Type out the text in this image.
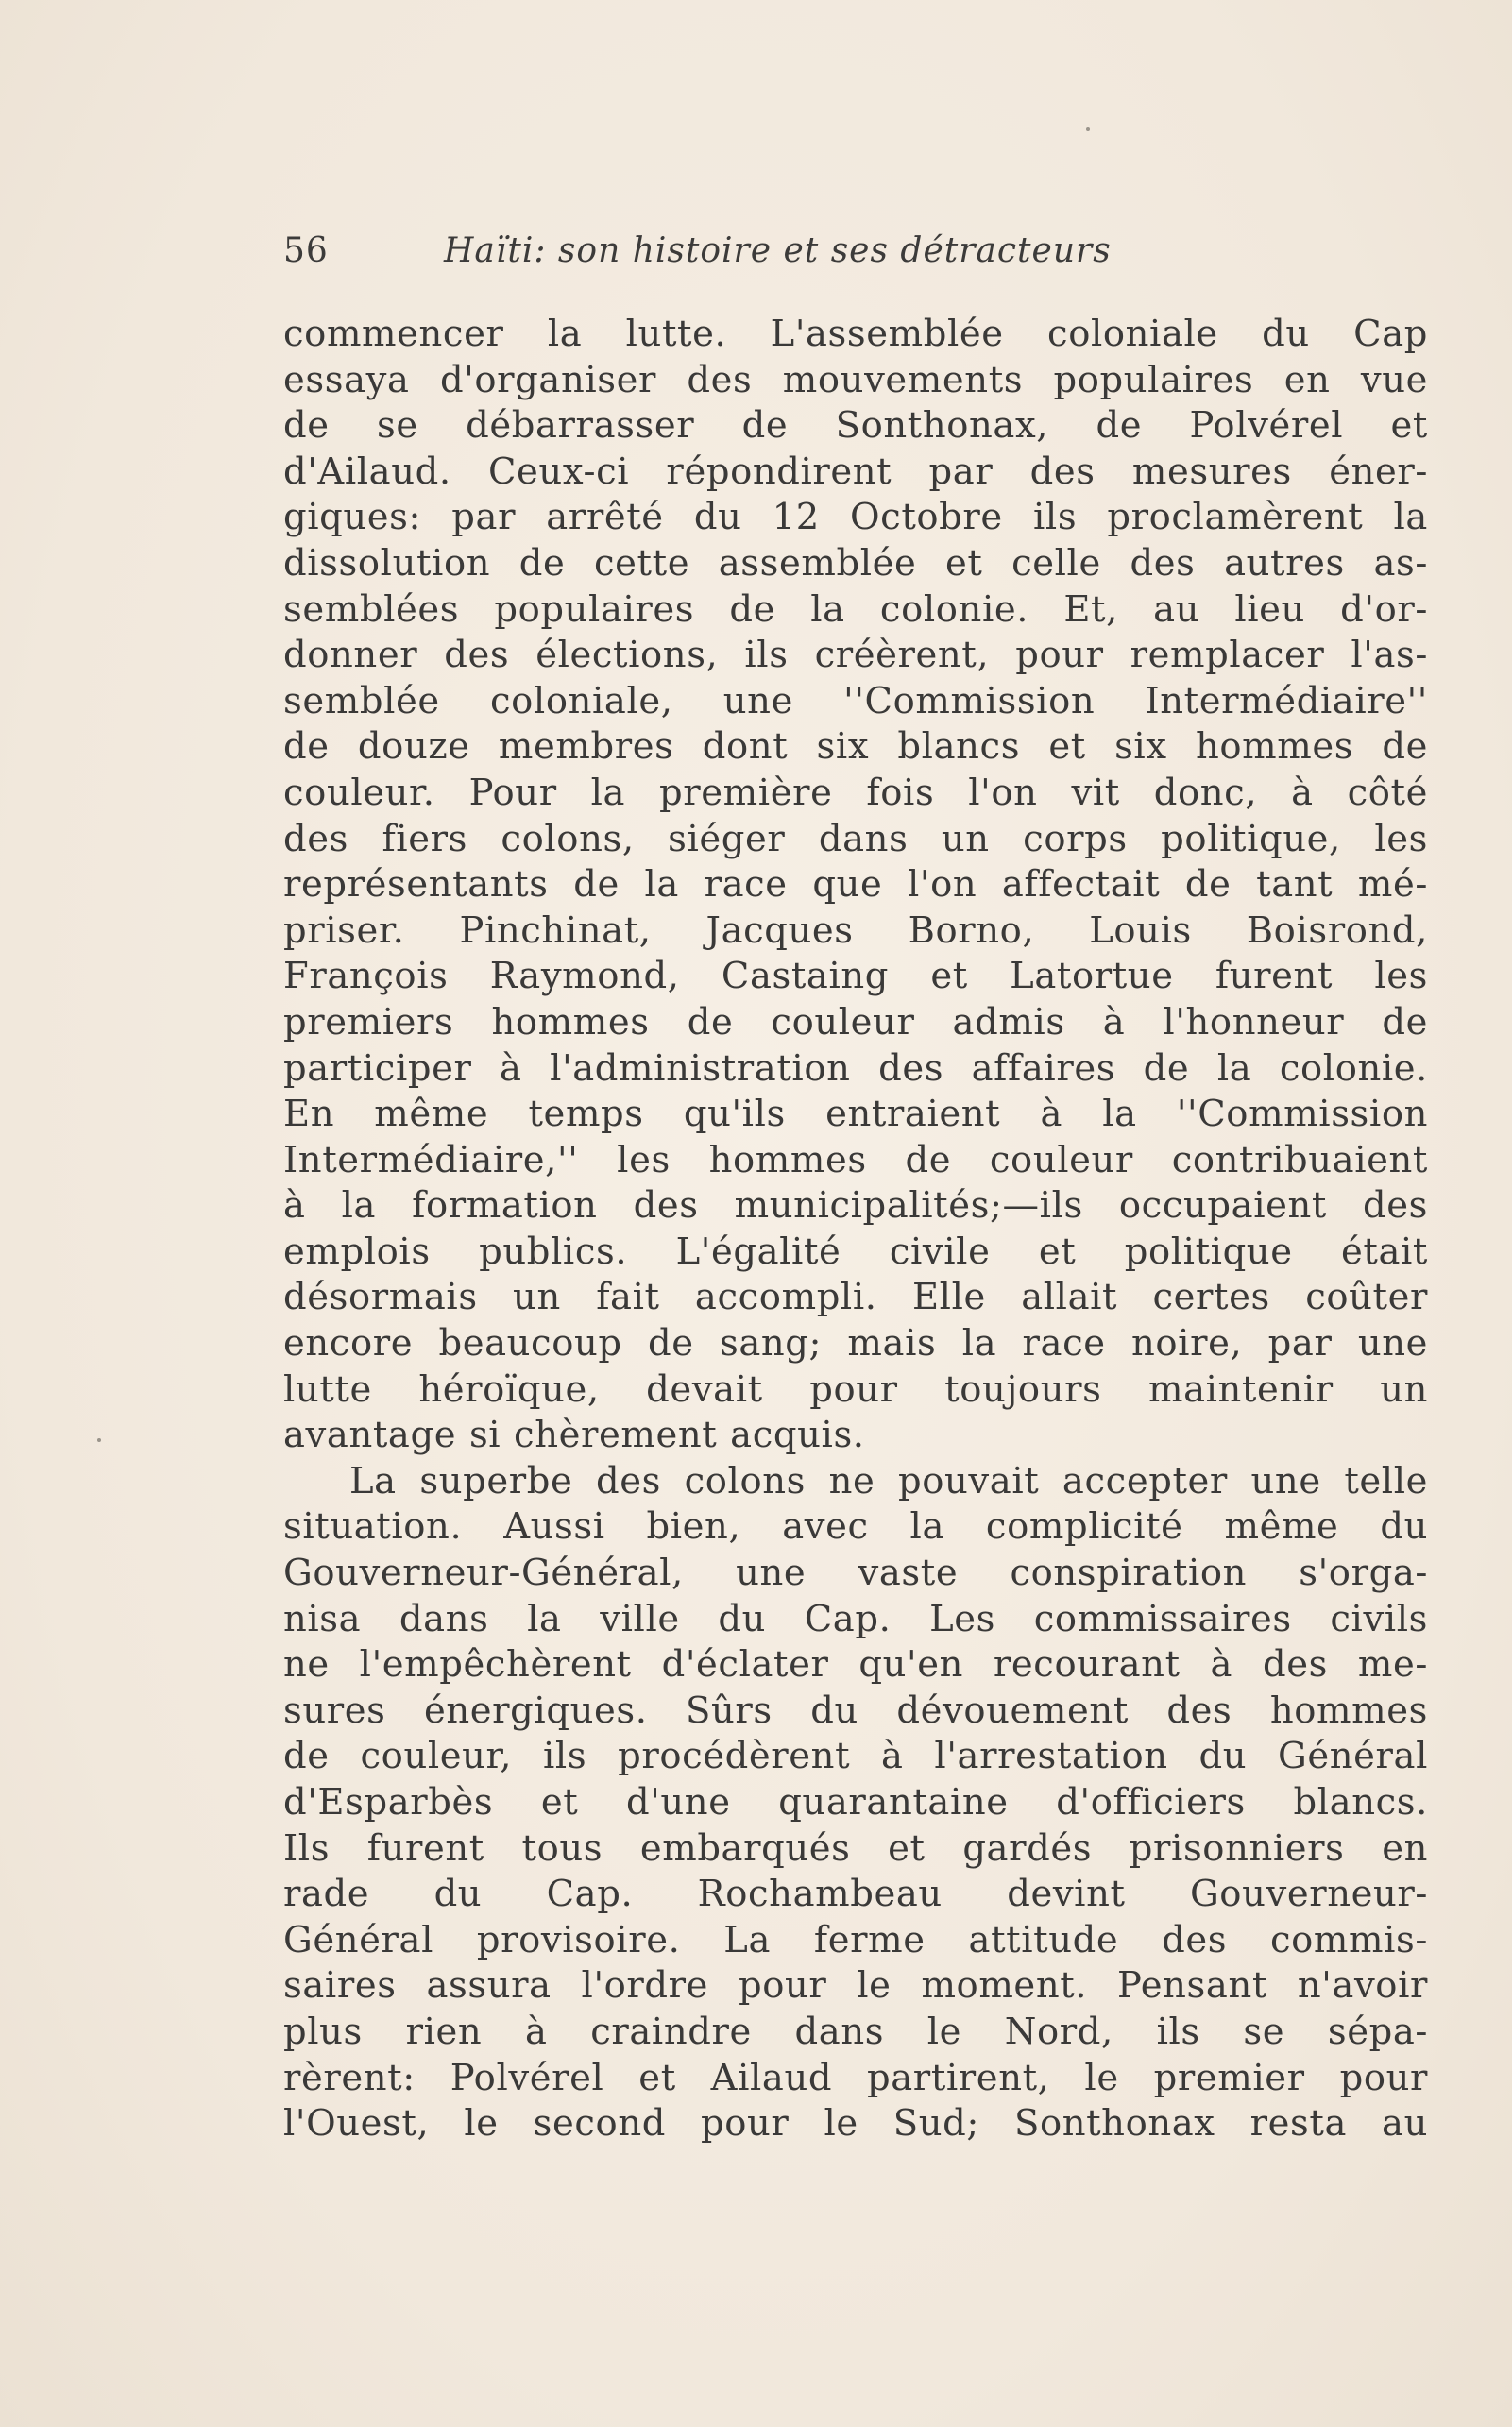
56	Haïti: son histoire et ses détracteurs
commencer la lutte. L'assemblée coloniale du Cap
essaya d'organiser des mouvements populaires en vue
de se débarrasser de Sonthonax, de Polvérel et
d'Ailaud. Ceux-ci répondirent par des mesures éner-
giques: par arrêté du 12 Octobre ils proclamèrent la
dissolution de cette assemblée et celle des autres as-
semblées populaires de la colonie. Et, au lieu d'or-
donner des élections, ils créèrent, pour remplacer l'as-
semblée coloniale, une ''Commission Intermédiaire''
de douze membres dont six blancs et six hommes de
couleur. Pour la première fois l'on vit donc, à côté
des fiers colons, siéger dans un corps politique, les
représentants de la race que l'on affectait de tant mé-
priser. Pinchinat, Jacques Borno, Louis Boisrond,
François Raymond, Castaing et Latortue furent les
premiers hommes de couleur admis à l'honneur de
participer à l'administration des affaires de la colonie.
En même temps qu'ils entraient à la ''Commission
Intermédiaire,'' les hommes de couleur contribuaient
à la formation des municipalités;—ils occupaient des
emplois publics. L'égalité civile et politique était
désormais un fait accompli. Elle allait certes coûter
encore beaucoup de sang; mais la race noire, par une
lutte héroïque, devait pour toujours maintenir un
avantage si chèrement acquis.
La superbe des colons ne pouvait accepter une telle
situation. Aussi bien, avec la complicité même du
Gouverneur-Général, une vaste conspiration s'orga-
nisa dans la ville du Cap. Les commissaires civils
ne l'empêchèrent d'éclater qu'en recourant à des me-
sures énergiques. Sûrs du dévouement des hommes
de couleur, ils procédèrent à l'arrestation du Général
d'Esparbès et d'une quarantaine d'officiers blancs.
Ils furent tous embarqués et gardés prisonniers en
rade du Cap. Rochambeau devint Gouverneur-
Général provisoire. La ferme attitude des commis-
saires assura l'ordre pour le moment. Pensant n'avoir
plus rien à craindre dans le Nord, ils se sépa-
rèrent: Polvérel et Ailaud partirent, le premier pour
l'Ouest, le second pour le Sud; Sonthonax resta au
